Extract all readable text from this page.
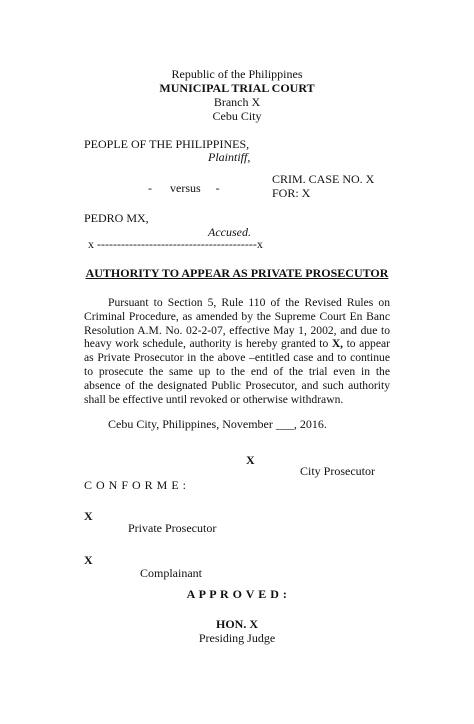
Republic of the Philippines
MUNICIPAL TRIAL COURT
Branch X
Cebu City
PEOPLE OF THE PHILIPPINES,
Plaintiff,
-      versus     -
CRIM. CASE NO. X
FOR: X
PEDRO MX,
Accused.
x ----------------------------------------x
AUTHORITY TO APPEAR AS PRIVATE PROSECUTOR
Pursuant to Section 5, Rule 110 of the Revised Rules on Criminal Procedure, as amended by the Supreme Court En Banc Resolution A.M. No. 02-2-07, effective May 1, 2002, and due to heavy work schedule, authority is hereby granted to X, to appear as Private Prosecutor in the above –entitled case and to continue to prosecute the same up to the end of the trial even in the absence of the designated Public Prosecutor, and such authority shall be effective until revoked or otherwise withdrawn.
Cebu City, Philippines, November ___, 2016.
X
City Prosecutor
C O N F O R M E :
X
Private Prosecutor
X
Complainant
A P P R O V E D :
HON. X
Presiding Judge
